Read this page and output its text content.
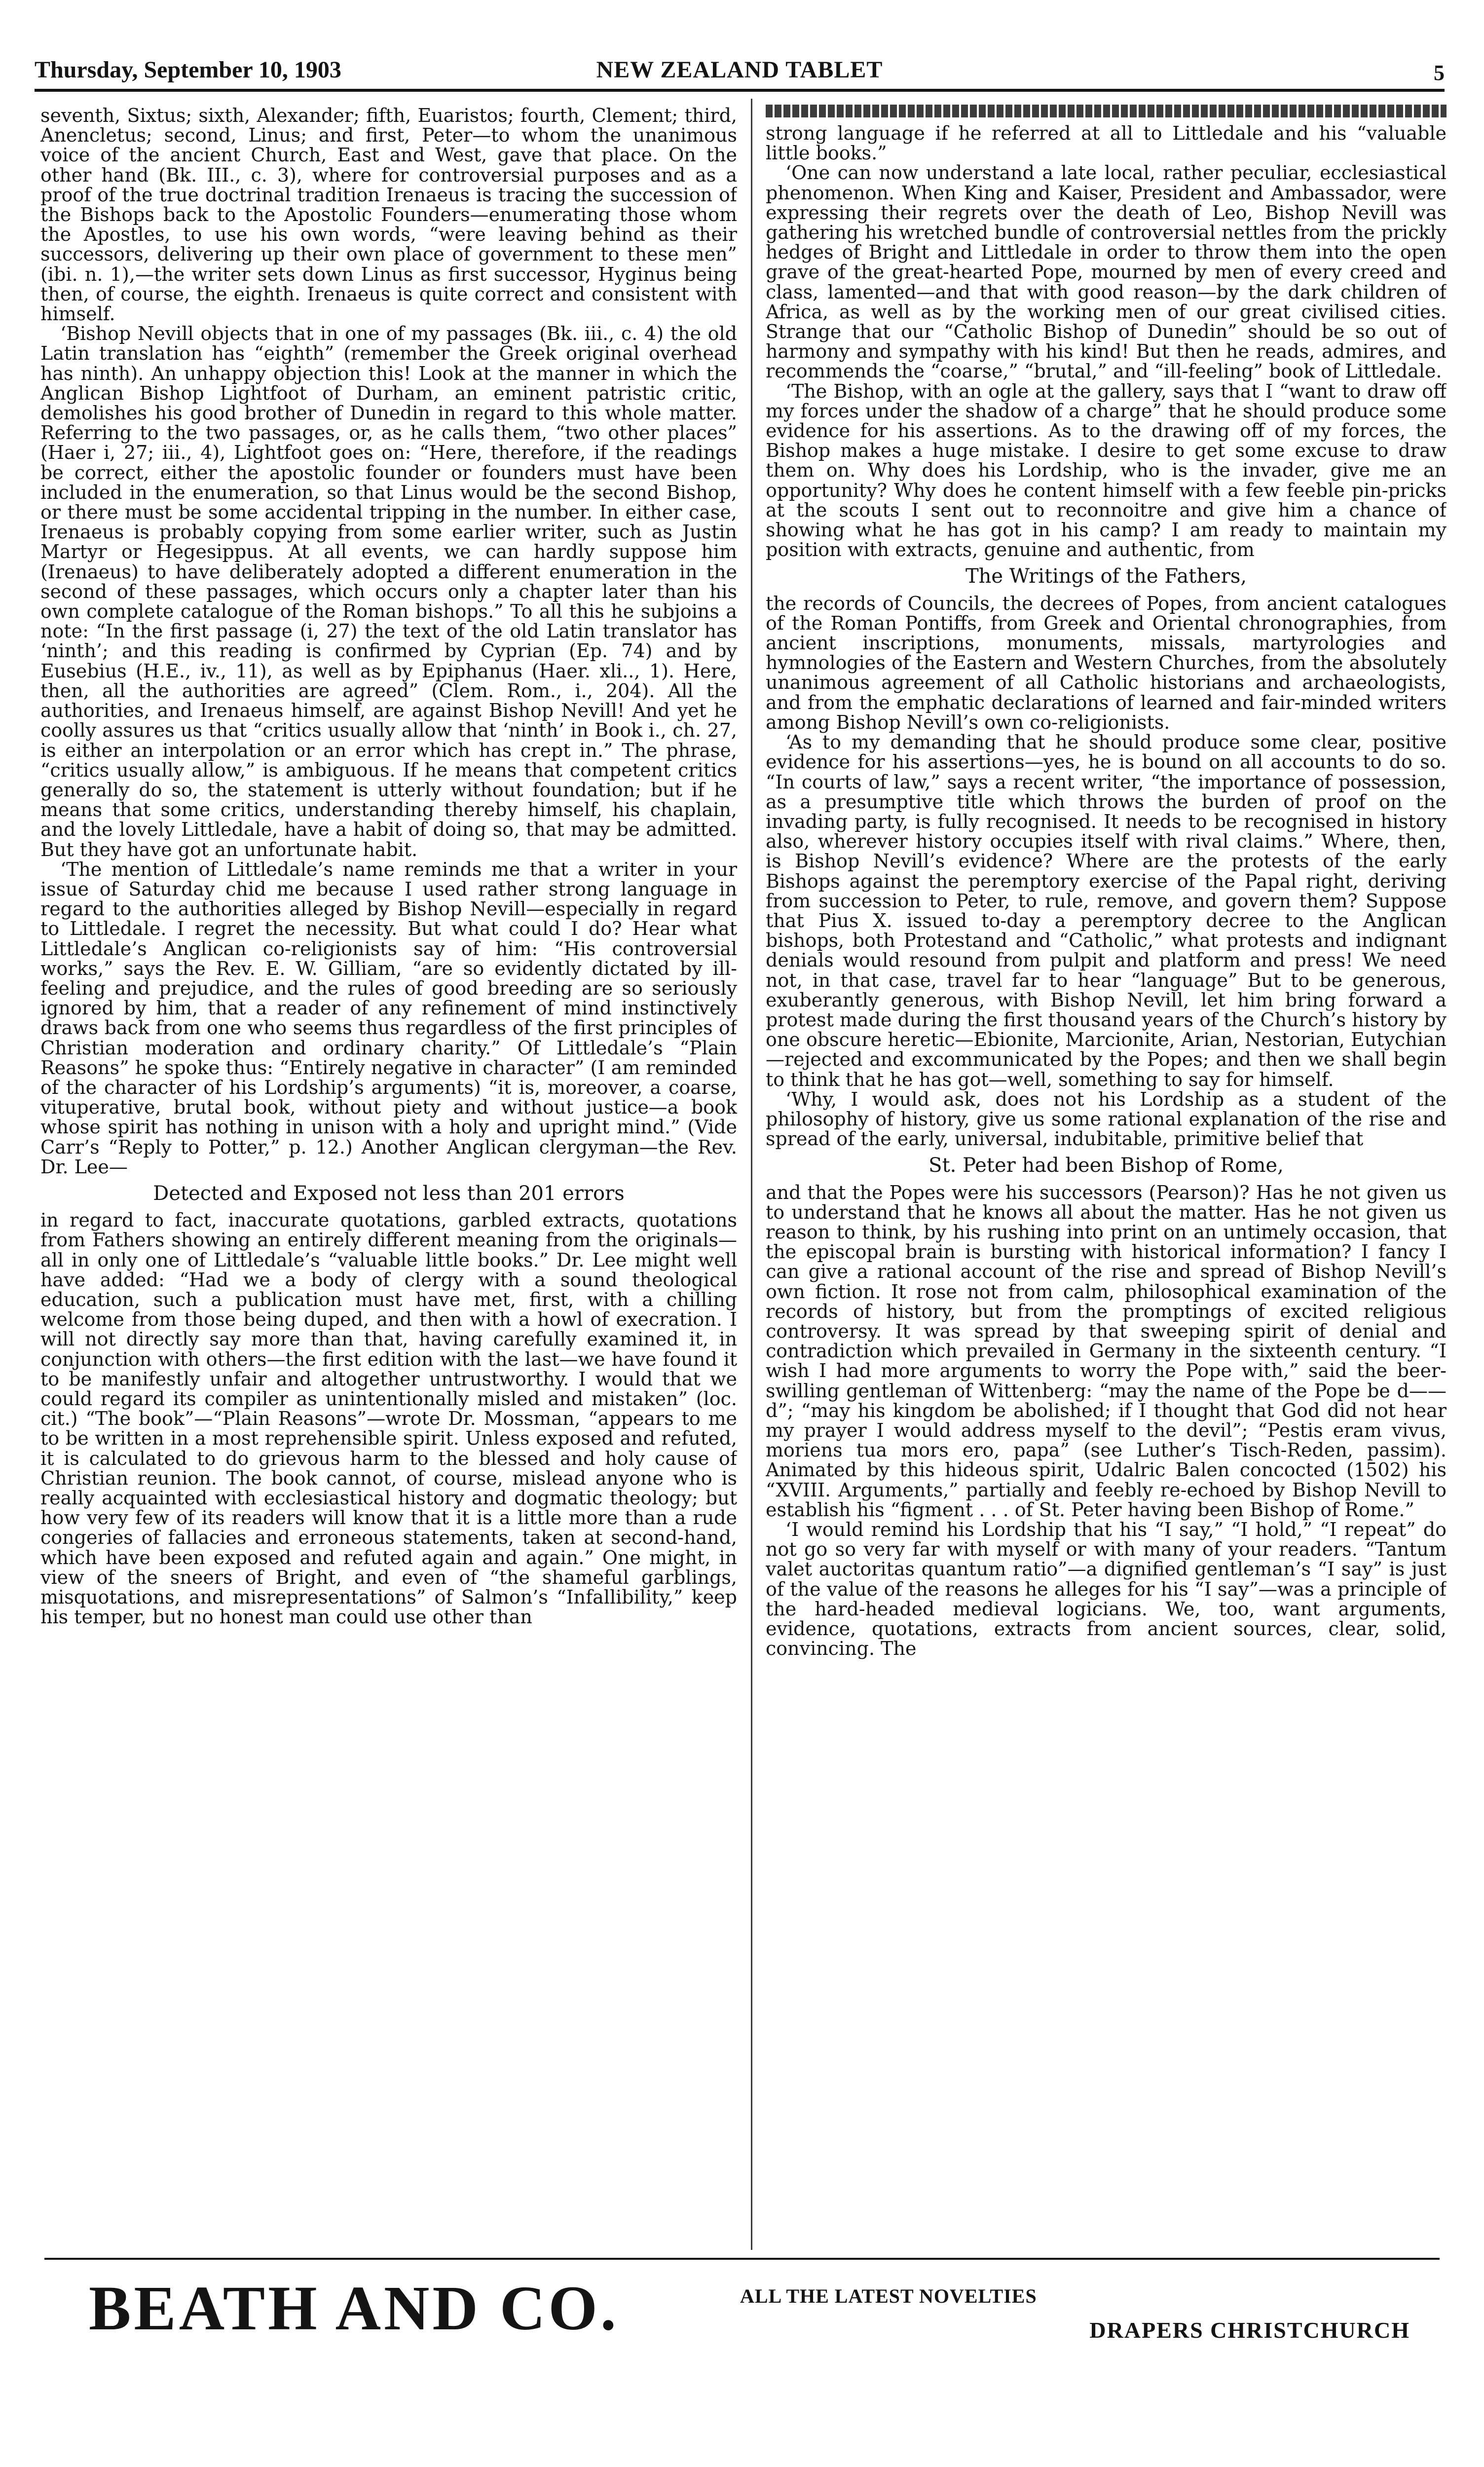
Thursday, September 10, 1903	NEW ZEALAND TABLET	5

seventh, Sixtus; sixth, Alexander; fifth, Euaristos; fourth, Clement; third, Anencletus; second, Linus; and first, Peter—to whom the unanimous voice of the ancient Church, East and West, gave that place. On the other hand (Bk. III., c. 3), where for controversial purposes and as a proof of the true doctrinal tradition Irenaeus is tracing the succession of the Bishops back to the Apostolic Founders—enumerating those whom the Apostles, to use his own words, “were leaving behind as their successors, delivering up their own place of government to these men” (ibi. n. 1),—the writer sets down Linus as first successor, Hyginus being then, of course, the eighth. Irenaeus is quite correct and consistent with himself.

‘Bishop Nevill objects that in one of my passages (Bk. iii., c. 4) the old Latin translation has “eighth” (remember the Greek original overhead has ninth). An unhappy objection this! Look at the manner in which the Anglican Bishop Lightfoot of Durham, an eminent patristic critic, demolishes his good brother of Dunedin in regard to this whole matter. Referring to the two passages, or, as he calls them, “two other places” (Haer i, 27; iii., 4), Lightfoot goes on: “Here, therefore, if the readings be correct, either the apostolic founder or founders must have been included in the enumeration, so that Linus would be the second Bishop, or there must be some accidental tripping in the number. In either case, Irenaeus is probably copying from some earlier writer, such as Justin Martyr or Hegesippus. At all events, we can hardly suppose him (Irenaeus) to have deliberately adopted a different enumeration in the second of these passages, which occurs only a chapter later than his own complete catalogue of the Roman bishops.” To all this he subjoins a note: “In the first passage (i, 27) the text of the old Latin translator has ‘ninth’; and this reading is confirmed by Cyprian (Ep. 74) and by Eusebius (H.E., iv., 11), as well as by Epiphanus (Haer. xli.., 1). Here, then, all the authorities are agreed” (Clem. Rom., i., 204). All the authorities, and Irenaeus himself, are against Bishop Nevill! And yet he coolly assures us that “critics usually allow that ‘ninth’ in Book i., ch. 27, is either an interpolation or an error which has crept in.” The phrase, “critics usually allow,” is ambiguous. If he means that competent critics generally do so, the statement is utterly without foundation; but if he means that some critics, understanding thereby himself, his chaplain, and the lovely Littledale, have a habit of doing so, that may be admitted. But they have got an unfortunate habit.

‘The mention of Littledale’s name reminds me that a writer in your issue of Saturday chid me because I used rather strong language in regard to the authorities alleged by Bishop Nevill—especially in regard to Littledale. I regret the necessity. But what could I do? Hear what Littledale’s Anglican co-religionists say of him: “His controversial works,” says the Rev. E. W. Gilliam, “are so evidently dictated by ill-feeling and prejudice, and the rules of good breeding are so seriously ignored by him, that a reader of any refinement of mind instinctively draws back from one who seems thus regardless of the first principles of Christian moderation and ordinary charity.” Of Littledale’s “Plain Reasons” he spoke thus: “Entirely negative in character” (I am reminded of the character of his Lordship’s arguments) “it is, moreover, a coarse, vituperative, brutal book, without piety and without justice—a book whose spirit has nothing in unison with a holy and upright mind.” (Vide Carr’s “Reply to Potter,” p. 12.) Another Anglican clergyman—the Rev. Dr. Lee—

Detected and Exposed not less than 201 errors

in regard to fact, inaccurate quotations, garbled extracts, quotations from Fathers showing an entirely different meaning from the originals—all in only one of Littledale’s “valuable little books.” Dr. Lee might well have added: “Had we a body of clergy with a sound theological education, such a publication must have met, first, with a chilling welcome from those being duped, and then with a howl of execration. I will not directly say more than that, having carefully examined it, in conjunction with others—the first edition with the last—we have found it to be manifestly unfair and altogether untrustworthy. I would that we could regard its compiler as unintentionally misled and mistaken” (loc. cit.) “The book”—“Plain Reasons”—wrote Dr. Mossman, “appears to me to be written in a most reprehensible spirit. Unless exposed and refuted, it is calculated to do grievous harm to the blessed and holy cause of Christian reunion. The book cannot, of course, mislead anyone who is really acquainted with ecclesiastical history and dogmatic theology; but how very few of its readers will know that it is a little more than a rude congeries of fallacies and erroneous statements, taken at second-hand, which have been exposed and refuted again and again.” One might, in view of the sneers of Bright, and even of “the shameful garblings, misquotations, and misrepresentations” of Salmon’s “Infallibility,” keep his temper, but no honest man could use other than

strong language if he referred at all to Littledale and his “valuable little books.”

‘One can now understand a late local, rather peculiar, ecclesiastical phenomenon. When King and Kaiser, President and Ambassador, were expressing their regrets over the death of Leo, Bishop Nevill was gathering his wretched bundle of controversial nettles from the prickly hedges of Bright and Littledale in order to throw them into the open grave of the great-hearted Pope, mourned by men of every creed and class, lamented—and that with good reason—by the dark children of Africa, as well as by the working men of our great civilised cities. Strange that our “Catholic Bishop of Dunedin” should be so out of harmony and sympathy with his kind! But then he reads, admires, and recommends the “coarse,” “brutal,” and “ill-feeling” book of Littledale.

‘The Bishop, with an ogle at the gallery, says that I “want to draw off my forces under the shadow of a charge” that he should produce some evidence for his assertions. As to the drawing off of my forces, the Bishop makes a huge mistake. I desire to get some excuse to draw them on. Why does his Lordship, who is the invader, give me an opportunity? Why does he content himself with a few feeble pin-pricks at the scouts I sent out to reconnoitre and give him a chance of showing what he has got in his camp? I am ready to maintain my position with extracts, genuine and authentic, from

The Writings of the Fathers,

the records of Councils, the decrees of Popes, from ancient catalogues of the Roman Pontiffs, from Greek and Oriental chronographies, from ancient inscriptions, monuments, missals, martyrologies and hymnologies of the Eastern and Western Churches, from the absolutely unanimous agreement of all Catholic historians and archaeologists, and from the emphatic declarations of learned and fair-minded writers among Bishop Nevill’s own co-religionists.

‘As to my demanding that he should produce some clear, positive evidence for his assertions—yes, he is bound on all accounts to do so. “In courts of law,” says a recent writer, “the importance of possession, as a presumptive title which throws the burden of proof on the invading party, is fully recognised. It needs to be recognised in history also, wherever history occupies itself with rival claims.” Where, then, is Bishop Nevill’s evidence? Where are the protests of the early Bishops against the peremptory exercise of the Papal right, deriving from succession to Peter, to rule, remove, and govern them? Suppose that Pius X. issued to-day a peremptory decree to the Anglican bishops, both Protestand and “Catholic,” what protests and indignant denials would resound from pulpit and platform and press! We need not, in that case, travel far to hear “language” But to be generous, exuberantly generous, with Bishop Nevill, let him bring forward a protest made during the first thousand years of the Church’s history by one obscure heretic—Ebionite, Marcionite, Arian, Nestorian, Eutychian—rejected and excommunicated by the Popes; and then we shall begin to think that he has got—well, something to say for himself.

‘Why, I would ask, does not his Lordship as a student of the philosophy of history, give us some rational explanation of the rise and spread of the early, universal, indubitable, primitive belief that

St. Peter had been Bishop of Rome,

and that the Popes were his successors (Pearson)? Has he not given us to understand that he knows all about the matter. Has he not given us reason to think, by his rushing into print on an untimely occasion, that the episcopal brain is bursting with historical information? I fancy I can give a rational account of the rise and spread of Bishop Nevill’s own fiction. It rose not from calm, philosophical examination of the records of history, but from the promptings of excited religious controversy. It was spread by that sweeping spirit of denial and contradiction which prevailed in Germany in the sixteenth century. “I wish I had more arguments to worry the Pope with,” said the beer-swilling gentleman of Wittenberg: “may the name of the Pope be d——d”; “may his kingdom be abolished; if I thought that God did not hear my prayer I would address myself to the devil”; “Pestis eram vivus, moriens tua mors ero, papa” (see Luther’s Tisch-Reden, passim). Animated by this hideous spirit, Udalric Balen concocted (1502) his “XVIII. Arguments,” partially and feebly re-echoed by Bishop Nevill to establish his “figment . . . of St. Peter having been Bishop of Rome.”

‘I would remind his Lordship that his “I say,” “I hold,” “I repeat” do not go so very far with myself or with many of your readers. “Tantum valet auctoritas quantum ratio”—a dignified gentleman’s “I say” is just of the value of the reasons he alleges for his “I say”—was a principle of the hard-headed medieval logicians. We, too, want arguments, evidence, quotations, extracts from ancient sources, clear, solid, convincing. The

BEATH AND CO.	ALL THE LATEST NOVELTIES
DRAPERS CHRISTCHURCH
